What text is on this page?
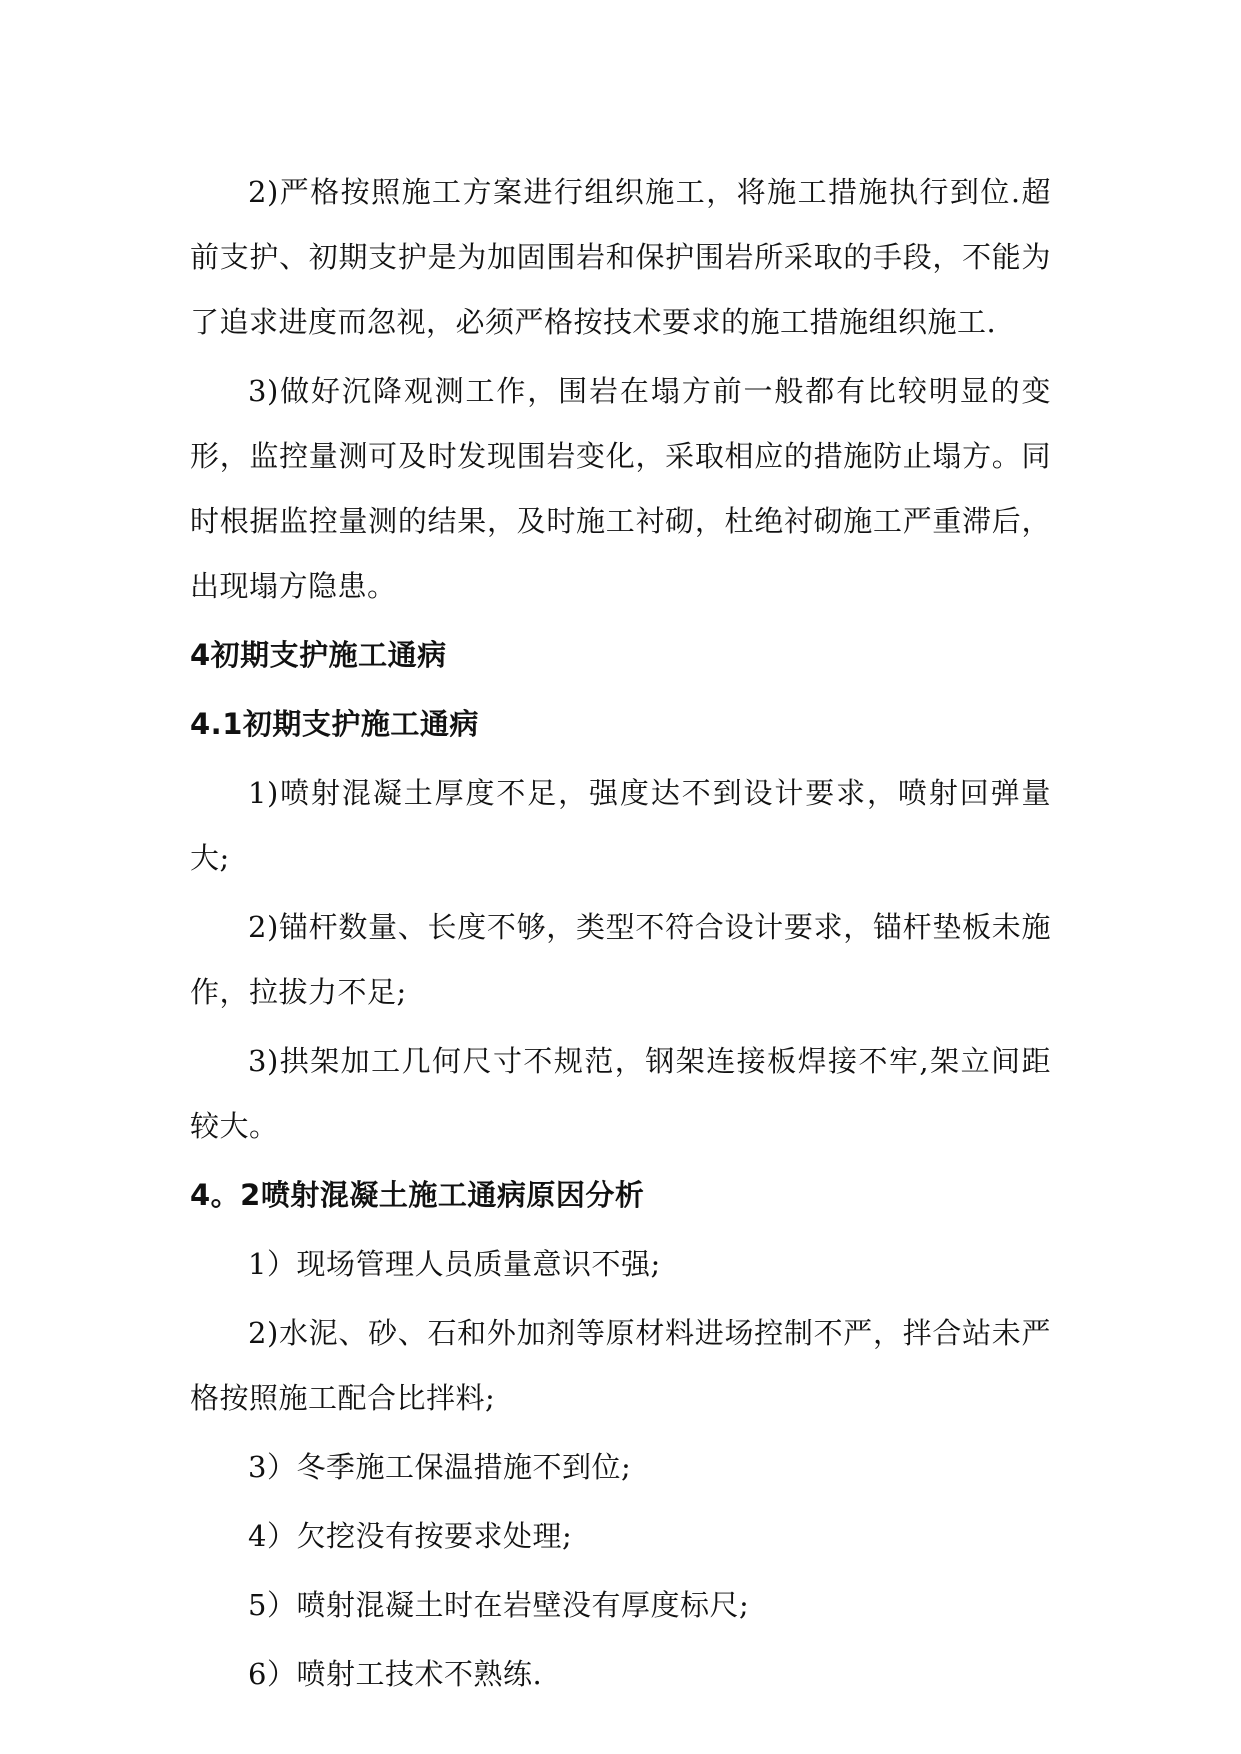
2)严格按照施工方案进行组织施工，将施工措施执行到位.超前支护、初期支护是为加固围岩和保护围岩所采取的手段，不能为了追求进度而忽视，必须严格按技术要求的施工措施组织施工.

3)做好沉降观测工作，围岩在塌方前一般都有比较明显的变形，监控量测可及时发现围岩变化，采取相应的措施防止塌方。同时根据监控量测的结果，及时施工衬砌，杜绝衬砌施工严重滞后，出现塌方隐患。

4初期支护施工通病
4.1初期支护施工通病

1)喷射混凝土厚度不足，强度达不到设计要求，喷射回弹量大;

2)锚杆数量、长度不够，类型不符合设计要求，锚杆垫板未施作，拉拔力不足;

3)拱架加工几何尺寸不规范，钢架连接板焊接不牢,架立间距较大。

4。2喷射混凝土施工通病原因分析

1）现场管理人员质量意识不强;

2)水泥、砂、石和外加剂等原材料进场控制不严，拌合站未严格按照施工配合比拌料;

3）冬季施工保温措施不到位;

4）欠挖没有按要求处理;

5）喷射混凝土时在岩壁没有厚度标尺;

6）喷射工技术不熟练.
